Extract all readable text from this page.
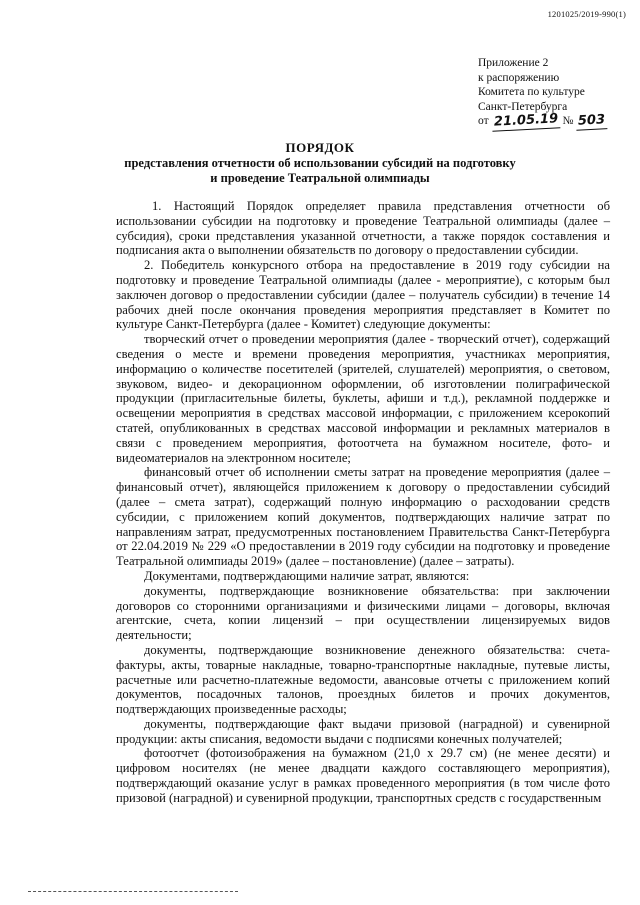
1201025/2019-990(1)
Приложение 2
к распоряжению
Комитета по культуре
Санкт-Петербурга
от 21.05.19 № 503
ПОРЯДОК
представления отчетности об использовании субсидий на подготовку
и проведение Театральной олимпиады

1. Настоящий Порядок определяет правила представления отчетности об использовании субсидии на подготовку и проведение Театральной олимпиады (далее – субсидия), сроки представления указанной отчетности, а также порядок составления и подписания акта о выполнении обязательств по договору о предоставлении субсидии.

2. Победитель конкурсного отбора на предоставление в 2019 году субсидии на подготовку и проведение Театральной олимпиады (далее - мероприятие), с которым был заключен договор о предоставлении субсидии (далее – получатель субсидии) в течение 14 рабочих дней после окончания проведения мероприятия представляет в Комитет по культуре Санкт-Петербурга (далее - Комитет) следующие документы:

творческий отчет о проведении мероприятия (далее - творческий отчет), содержащий сведения о месте и времени проведения мероприятия, участниках мероприятия, информацию о количестве посетителей (зрителей, слушателей) мероприятия, о световом, звуковом, видео- и декорационном оформлении, об изготовлении полиграфической продукции (пригласительные билеты, буклеты, афиши и т.д.), рекламной поддержке и освещении мероприятия в средствах массовой информации, с приложением ксерокопий статей, опубликованных в средствах массовой информации и рекламных материалов в связи с проведением мероприятия, фотоотчета на бумажном носителе, фото- и видеоматериалов на электронном носителе;

финансовый отчет об исполнении сметы затрат на проведение мероприятия (далее – финансовый отчет), являющейся приложением к договору о предоставлении субсидий (далее – смета затрат), содержащий полную информацию о расходовании средств субсидии, с приложением копий документов, подтверждающих наличие затрат по направлениям затрат, предусмотренных постановлением Правительства Санкт-Петербурга от 22.04.2019 № 229 «О предоставлении в 2019 году субсидии на подготовку и проведение Театральной олимпиады 2019» (далее – постановление) (далее – затраты).

Документами, подтверждающими наличие затрат, являются:

документы, подтверждающие возникновение обязательства: при заключении договоров со сторонними организациями и физическими лицами – договоры, включая агентские, счета, копии лицензий – при осуществлении лицензируемых видов деятельности;

документы, подтверждающие возникновение денежного обязательства: счета-фактуры, акты, товарные накладные, товарно-транспортные накладные, путевые листы, расчетные или расчетно-платежные ведомости, авансовые отчеты с приложением копий документов, посадочных талонов, проездных билетов и прочих документов, подтверждающих произведенные расходы;

документы, подтверждающие факт выдачи призовой (наградной) и сувенирной продукции: акты списания, ведомости выдачи с подписями конечных получателей;

фотоотчет (фотоизображения на бумажном (21,0 х 29.7 см) (не менее десяти) и цифровом носителях (не менее двадцати каждого составляющего мероприятия), подтверждающий оказание услуг в рамках проведенного мероприятия (в том числе фото призовой (наградной) и сувенирной продукции, транспортных средств с государственным
